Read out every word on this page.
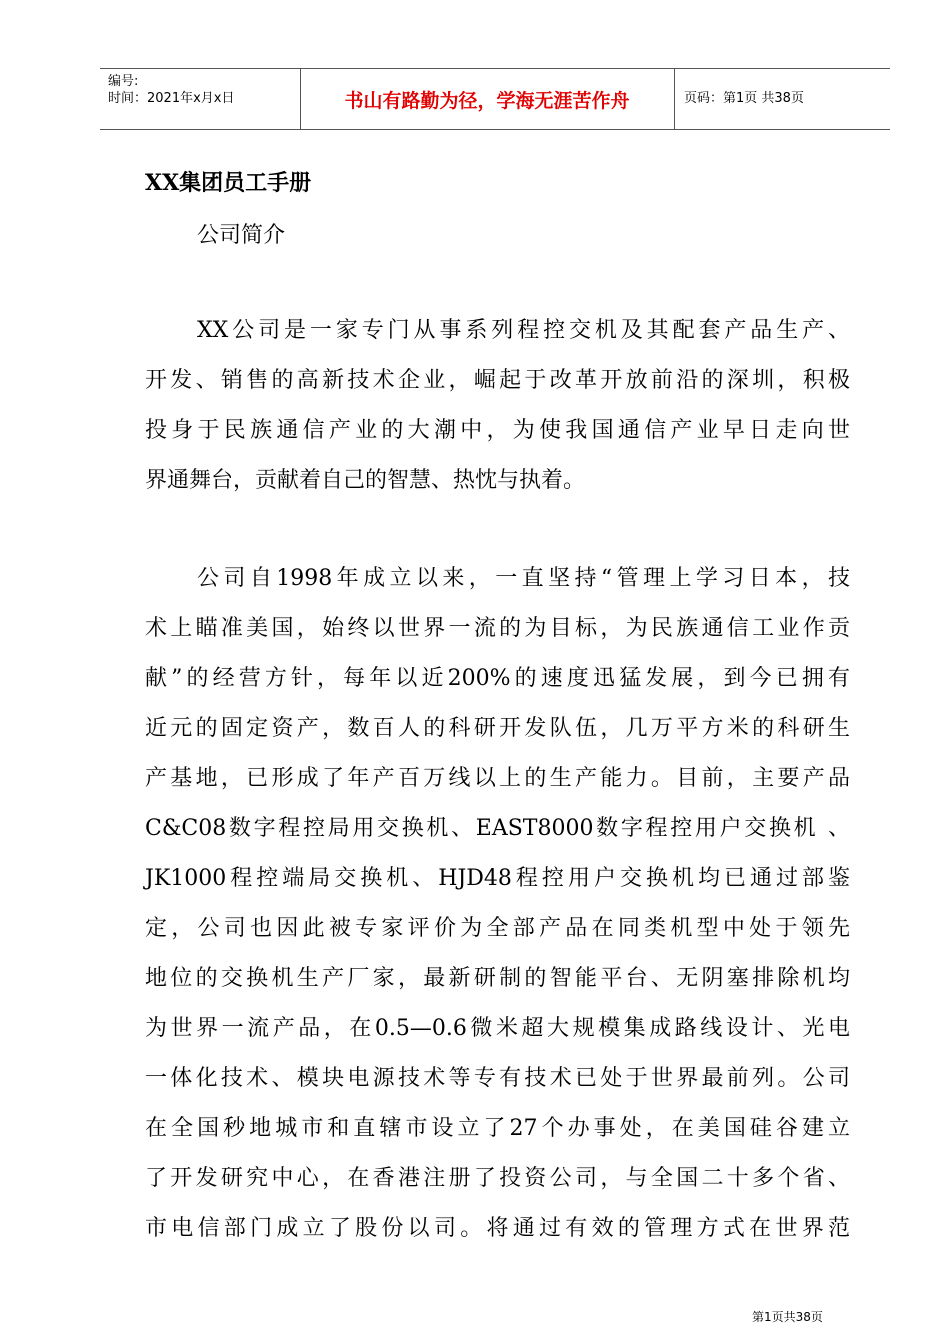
编号:
时间：2021年x月x日	书山有路勤为径，学海无涯苦作舟	页码：第1页 共38页
XX集团员工手册
公司简介
XX公司是一家专门从事系列程控交机及其配套产品生产、
开发、销售的高新技术企业，崛起于改革开放前沿的深圳，积极
投身于民族通信产业的大潮中，为使我国通信产业早日走向世
界通舞台，贡献着自己的智慧、热忱与执着。
公司自1998年成立以来，一直坚持“管理上学习日本，技
术上瞄准美国，始终以世界一流的为目标，为民族通信工业作贡
献”的经营方针，每年以近200%的速度迅猛发展，到今已拥有
近元的固定资产，数百人的科研开发队伍，几万平方米的科研生
产基地，已形成了年产百万线以上的生产能力。目前，主要产品
C&C08数字程控局用交换机、EAST8000数字程控用户交换机 、
JK1000程控端局交换机、HJD48程控用户交换机均已通过部鉴
定，公司也因此被专家评价为全部产品在同类机型中处于领先
地位的交换机生产厂家，最新研制的智能平台、无阴塞排除机均
为世界一流产品，在0.5—0.6微米超大规模集成路线设计、光电
一体化技术、模块电源技术等专有技术已处于世界最前列。公司
在全国秒地城市和直辖市设立了27个办事处，在美国硅谷建立
了开发研究中心，在香港注册了投资公司，与全国二十多个省、
市电信部门成立了股份以司。将通过有效的管理方式在世界范
第1页共38页
